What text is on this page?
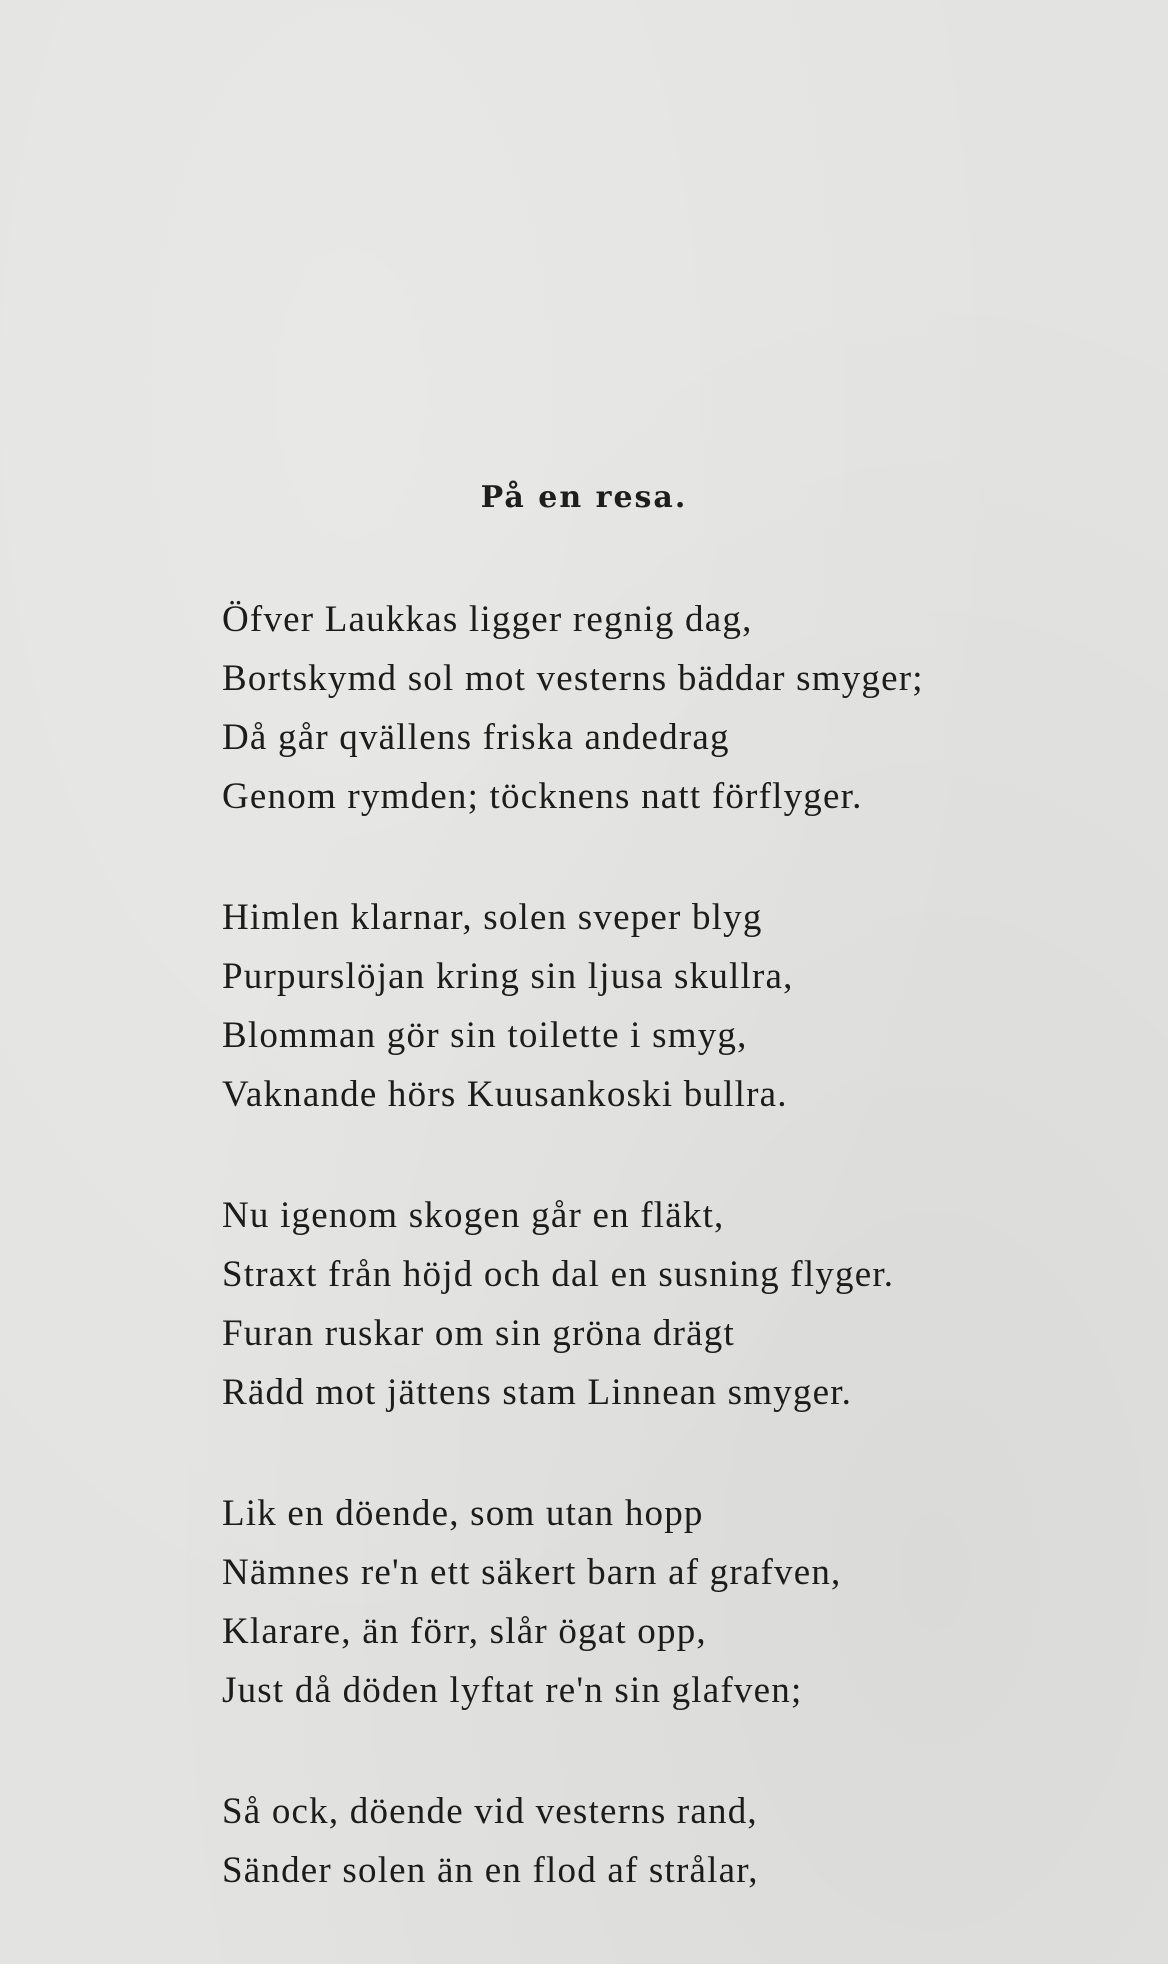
På en resa.
Öfver Laukkas ligger regnig dag,
Bortskymd sol mot vesterns bäddar smyger;
Då går qvällens friska andedrag
Genom rymden; töcknens natt förflyger.
Himlen klarnar, solen sveper blyg
Purpurslöjan kring sin ljusa skullra,
Blomman gör sin toilette i smyg,
Vaknande hörs Kuusankoski bullra.
Nu igenom skogen går en fläkt,
Straxt från höjd och dal en susning flyger.
Furan ruskar om sin gröna drägt
Rädd mot jättens stam Linnean smyger.
Lik en döende, som utan hopp
Nämnes re'n ett säkert barn af grafven,
Klarare, än förr, slår ögat opp,
Just då döden lyftat re'n sin glafven;
Så ock, döende vid vesterns rand,
Sänder solen än en flod af strålar,
